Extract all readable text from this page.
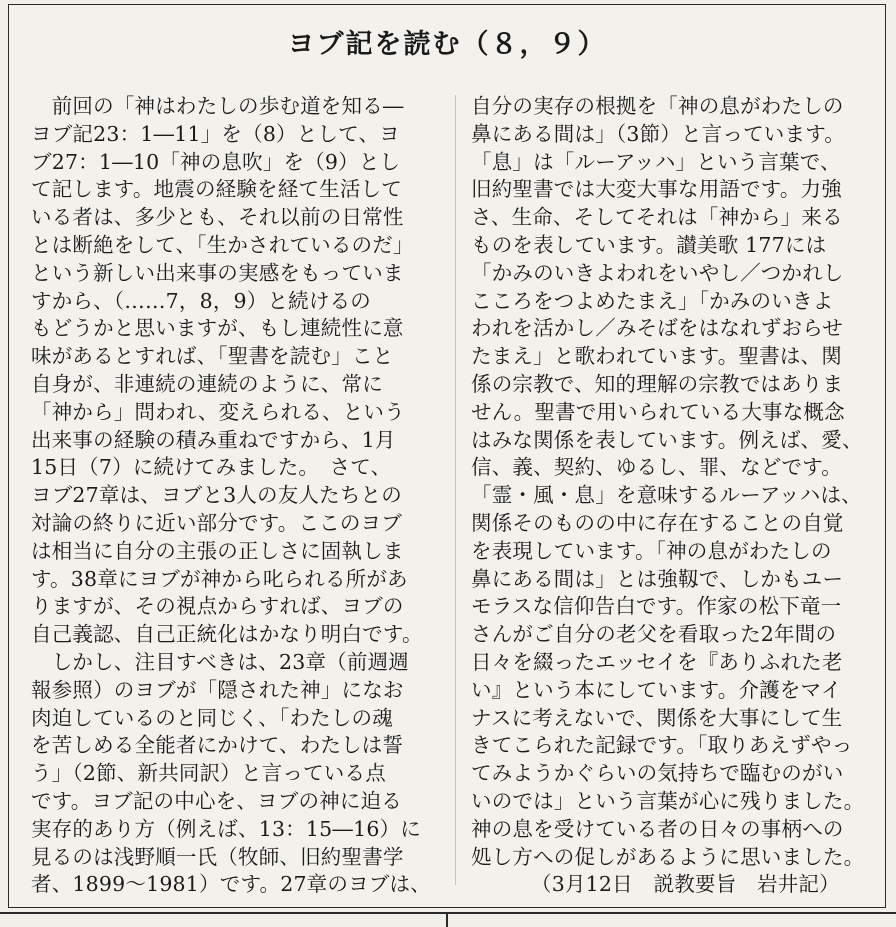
ヨブ記を読む（８，９）
　前回の「神はわたしの歩む道を知る―
ヨブ記23：1―11」を（8）として、ヨ
ブ27：1―10「神の息吹」を（9）とし
て記します。地震の経験を経て生活して
いる者は、多少とも、それ以前の日常性
とは断絶をして、「生かされているのだ」
という新しい出来事の実感をもっていま
すから、（……7，8，9）と続けるの
もどうかと思いますが、もし連続性に意
味があるとすれば、「聖書を読む」こと
自身が、非連続の連続のように、常に
「神から」問われ、変えられる、という
出来事の経験の積み重ねですから、1月
15日（7）に続けてみました。　さて、
ヨブ27章は、ヨブと3人の友人たちとの
対論の終りに近い部分です。ここのヨブ
は相当に自分の主張の正しさに固執しま
す。38章にヨブが神から叱られる所があ
りますが、その視点からすれば、ヨブの
自己義認、自己正統化はかなり明白です。
　しかし、注目すべきは、23章（前週週
報参照）のヨブが「隠された神」になお
肉迫しているのと同じく、「わたしの魂
を苦しめる全能者にかけて、わたしは誓
う」（2節、新共同訳）と言っている点
です。ヨブ記の中心を、ヨブの神に迫る
実存的あり方（例えば、13：15―16）に
見るのは浅野順一氏（牧師、旧約聖書学
者、1899～1981）です。27章のヨブは、
自分の実存の根拠を「神の息がわたしの
鼻にある間は」（3節）と言っています。
「息」は「ルーアッハ」という言葉で、
旧約聖書では大変大事な用語です。力強
さ、生命、そしてそれは「神から」来る
ものを表しています。讃美歌 177には
「かみのいきよわれをいやし／つかれし
こころをつよめたまえ」「かみのいきよ
われを活かし／みそばをはなれずおらせ
たまえ」と歌われています。聖書は、関
係の宗教で、知的理解の宗教ではありま
せん。聖書で用いられている大事な概念
はみな関係を表しています。例えば、愛、
信、義、契約、ゆるし、罪、などです。
「霊・風・息」を意味するルーアッハは、
関係そのものの中に存在することの自覚
を表現しています。「神の息がわたしの
鼻にある間は」とは強靱で、しかもユー
モラスな信仰告白です。作家の松下竜一
さんがご自分の老父を看取った2年間の
日々を綴ったエッセイを『ありふれた老
い』という本にしています。介護をマイ
ナスに考えないで、関係を大事にして生
きてこられた記録です。「取りあえずやっ
てみようかぐらいの気持ちで臨むのがい
いのでは」という言葉が心に残りました。
神の息を受けている者の日々の事柄への
処し方への促しがあるように思いました。
（3月12日　説教要旨　岩井記）
